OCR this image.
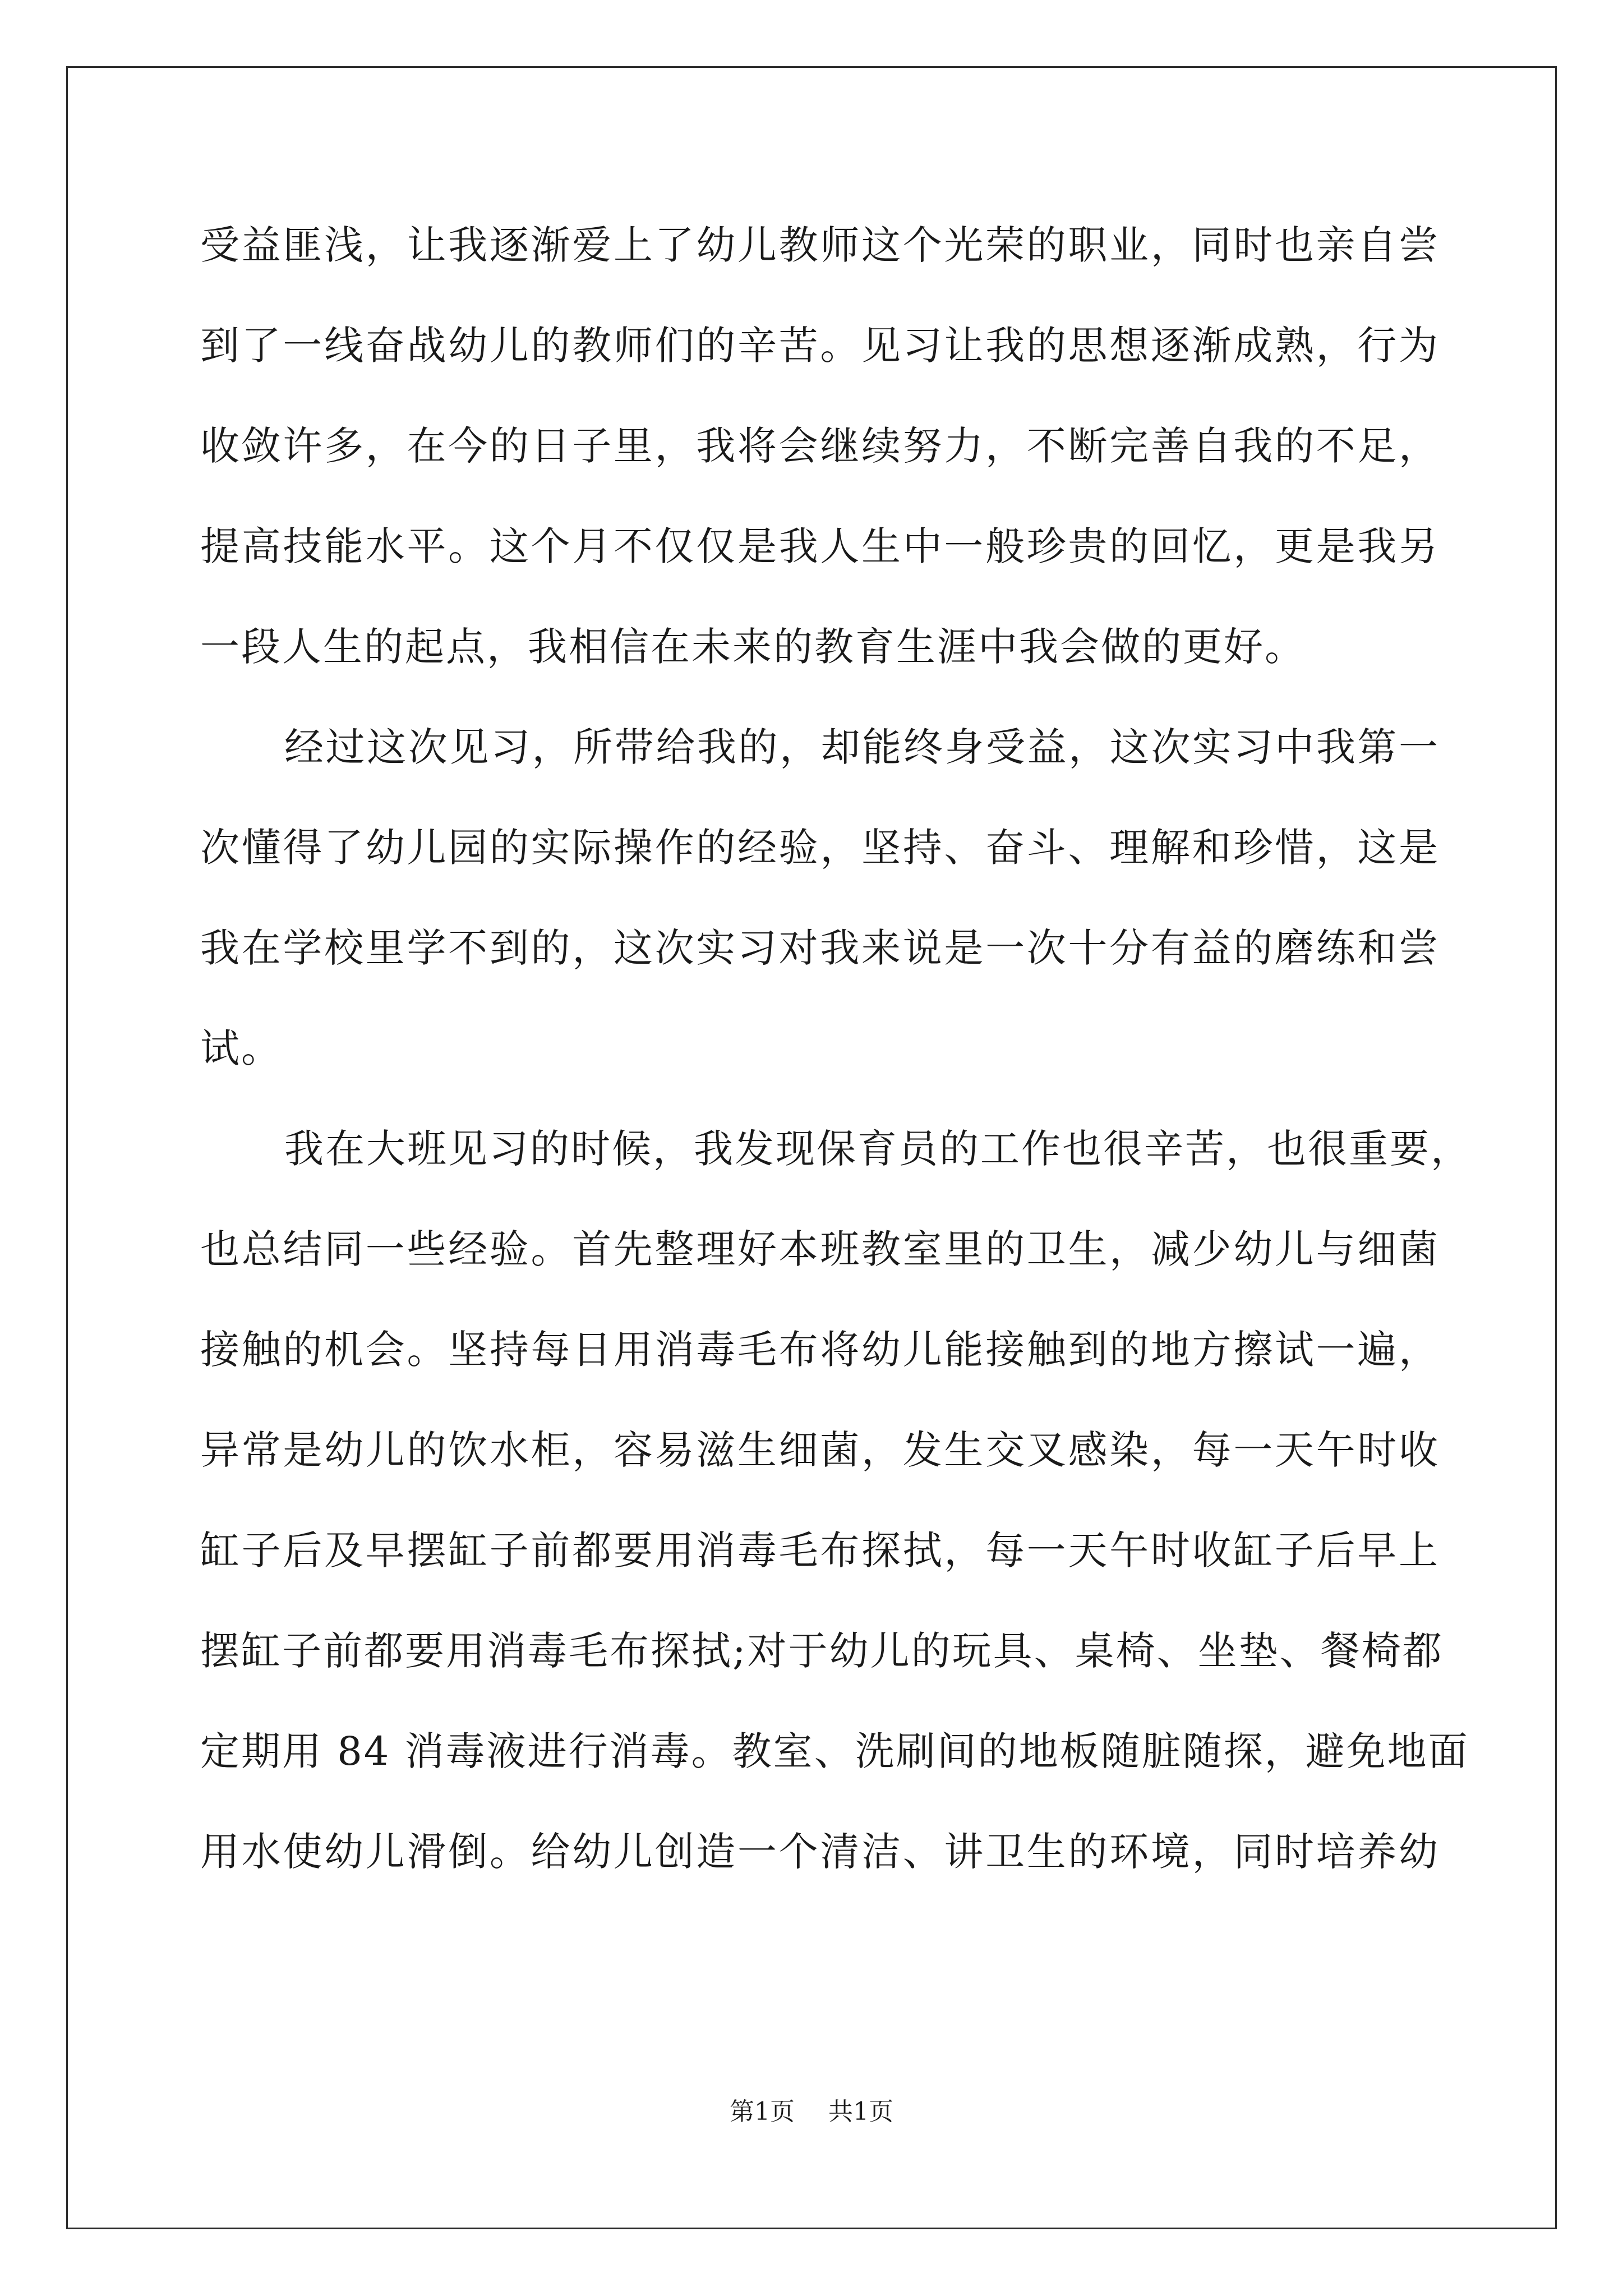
受益匪浅，让我逐渐爱上了幼儿教师这个光荣的职业，同时也亲自尝
到了一线奋战幼儿的教师们的辛苦。见习让我的思想逐渐成熟，行为
收敛许多，在今的日子里，我将会继续努力，不断完善自我的不足，
提高技能水平。这个月不仅仅是我人生中一般珍贵的回忆，更是我另
一段人生的起点，我相信在未来的教育生涯中我会做的更好。
经过这次见习，所带给我的，却能终身受益，这次实习中我第一
次懂得了幼儿园的实际操作的经验，坚持、奋斗、理解和珍惜，这是
我在学校里学不到的，这次实习对我来说是一次十分有益的磨练和尝
试。
我在大班见习的时候，我发现保育员的工作也很辛苦，也很重要，
也总结同一些经验。首先整理好本班教室里的卫生，减少幼儿与细菌
接触的机会。坚持每日用消毒毛布将幼儿能接触到的地方擦试一遍，
异常是幼儿的饮水柜，容易滋生细菌，发生交叉感染，每一天午时收
缸子后及早摆缸子前都要用消毒毛布探拭，每一天午时收缸子后早上
摆缸子前都要用消毒毛布探拭;对于幼儿的玩具、桌椅、坐垫、餐椅都
定期用 84 消毒液进行消毒。教室、洗刷间的地板随脏随探，避免地面
用水使幼儿滑倒。给幼儿创造一个清洁、讲卫生的环境，同时培养幼
第1页 共1页
